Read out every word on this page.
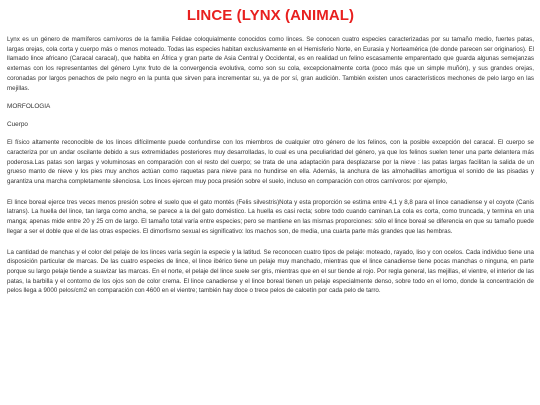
LINCE (LYNX (ANIMAL)

Lynx es un género de mamíferos carnívoros de la familia Felidae coloquialmente conocidos como linces. Se conocen cuatro especies caracterizadas por su tamaño medio, fuertes patas, largas orejas, cola corta y cuerpo más o menos moteado. Todas las especies habitan exclusivamente en el Hemisferio Norte, en Eurasia y Norteamérica (de donde parecen ser originarios). El llamado lince africano (Caracal caracal), que habita en África y gran parte de Asia Central y Occidental, es en realidad un felino escasamente emparentado que guarda algunas semejanzas externas con los representantes del género Lynx fruto de la convergencia evolutiva, como son su cola, excepcionalmente corta (poco más que un simple muñón), y sus grandes orejas, coronadas por largos penachos de pelo negro en la punta que sirven para incrementar su, ya de por sí, gran audición. También existen unos característicos mechones de pelo largo en las mejillas.

MORFOLOGIA

Cuerpo

El físico altamente reconocible de los linces difícilmente puede confundirse con los miembros de cualquier otro género de los felinos, con la posible excepción del caracal. El cuerpo se caracteriza por un andar oscilante debido a sus extremidades posteriores muy desarrolladas, lo cual es una peculiaridad del género, ya que los felinos suelen tener una parte delantera más poderosa.Las patas son largas y voluminosas en comparación con el resto del cuerpo; se trata de una adaptación para desplazarse por la nieve : las patas largas facilitan la salida de un grueso manto de nieve y los pies muy anchos actúan como raquetas para nieve para no hundirse en ella. Además, la anchura de las almohadillas amortigua el sonido de las pisadas y garantiza una marcha completamente silenciosa. Los linces ejercen muy poca presión sobre el suelo, incluso en comparación con otros carnívoros: por ejemplo,

El lince boreal ejerce tres veces menos presión sobre el suelo que el gato montés (Felis silvestris)Nota y esta proporción se estima entre 4,1 y 8,8 para el lince canadiense y el coyote (Canis latrans). La huella del lince, tan larga como ancha, se parece a la del gato doméstico. La huella es casi recta; sobre todo cuando caminan.La cola es corta, como truncada, y termina en una manga; apenas mide entre 20 y 25 cm de largo. El tamaño total varía entre especies; pero se mantiene en las mismas proporciones: sólo el lince boreal se diferencia en que su tamaño puede llegar a ser el doble que el de las otras especies. El dimorfismo sexual es significativo: los machos son, de media, una cuarta parte más grandes que las hembras.

La cantidad de manchas y el color del pelaje de los linces varía según la especie y la latitud. Se reconocen cuatro tipos de pelaje: moteado, rayado, liso y con ocelos. Cada individuo tiene una disposición particular de marcas. De las cuatro especies de lince, el lince ibérico tiene un pelaje muy manchado, mientras que el lince canadiense tiene pocas manchas o ninguna, en parte porque su largo pelaje tiende a suavizar las marcas. En el norte, el pelaje del lince suele ser gris, mientras que en el sur tiende al rojo. Por regla general, las mejillas, el vientre, el interior de las patas, la barbilla y el contorno de los ojos son de color crema. El lince canadiense y el lince boreal tienen un pelaje especialmente denso, sobre todo en el lomo, donde la concentración de pelos llega a 9000 pelos/cm2 en comparación con 4600 en el vientre; también hay doce o trece pelos de calcetín por cada pelo de tarro.
